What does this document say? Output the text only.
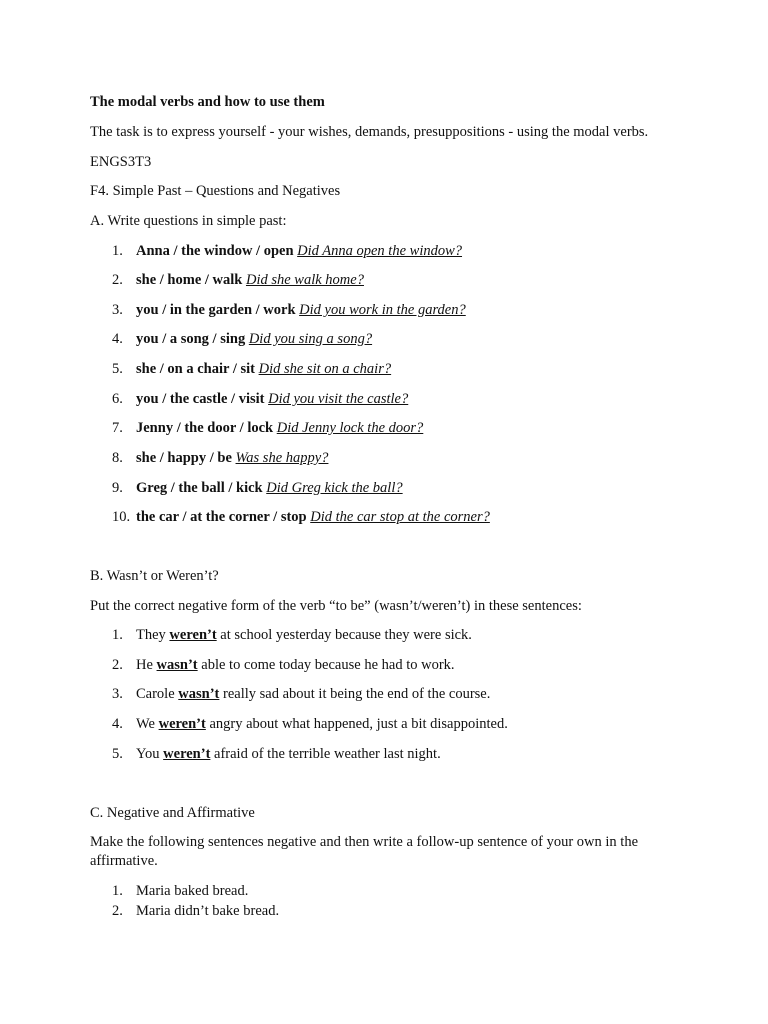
The modal verbs and how to use them
The task is to express yourself - your wishes, demands, presuppositions - using the modal verbs.
ENGS3T3
F4. Simple Past – Questions and Negatives
A. Write questions in simple past:
1. Anna / the window / open Did Anna open the window?
2. she / home / walk Did she walk home?
3. you / in the garden / work Did you work in the garden?
4. you / a song / sing Did you sing a song?
5. she / on a chair / sit Did she sit on a chair?
6. you / the castle / visit Did you visit the castle?
7. Jenny / the door / lock Did Jenny lock the door?
8. she / happy / be Was she happy?
9. Greg / the ball / kick Did Greg kick the ball?
10. the car / at the corner / stop Did the car stop at the corner?
B. Wasn’t or Weren’t?
Put the correct negative form of the verb “to be” (wasn’t/weren’t) in these sentences:
1. They weren’t at school yesterday because they were sick.
2. He wasn’t able to come today because he had to work.
3. Carole wasn’t really sad about it being the end of the course.
4. We weren’t angry about what happened, just a bit disappointed.
5. You weren’t afraid of the terrible weather last night.
C. Negative and Affirmative
Make the following sentences negative and then write a follow-up sentence of your own in the affirmative.
1. Maria baked bread.
2. Maria didn’t bake bread.
